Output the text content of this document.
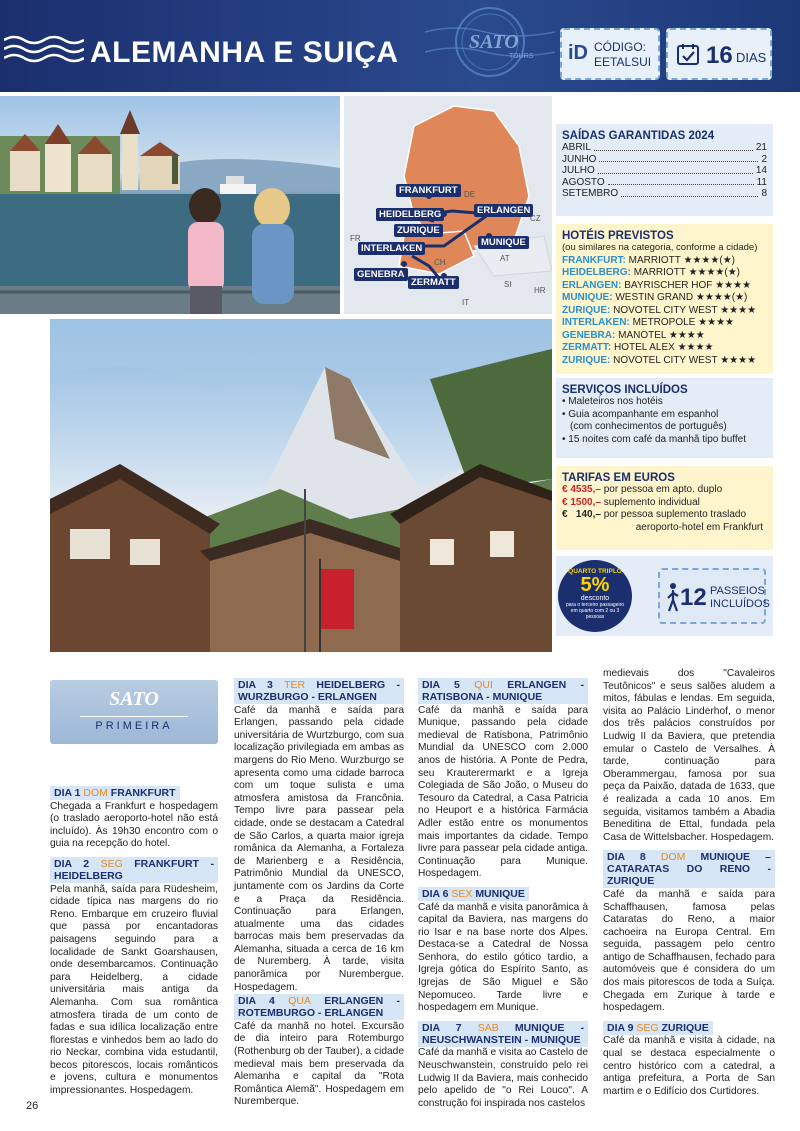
ALEMANHA E SUIÇA	SATO
TOURS iD CÓDIGO:
EETALSUI 16 DIAS
FRANKFURT
HEIDELBERG	ERLANGEN
ZURIQUE
INTERLAKEN
MUNIQUE
GENEBRA
ZERMATT
DE
FR
CH	AT
IT
SI
HR
CZ
SAÍDAS GARANTIDAS 2024
ABRIL	21
JUNHO	2
JULHO	14
AGOSTO	11
SETEMBRO	8
HOTÉIS PREVISTOS
(ou similares na categoria, conforme a cidade)
FRANKFURT: MARRIOTT ★★★★(★)
HEIDELBERG: MARRIOTT ★★★★(★)
ERLANGEN: BAYRISCHER HOF ★★★★
MUNIQUE: WESTIN GRAND ★★★★(★)
ZURIQUE: NOVOTEL CITY WEST ★★★★
INTERLAKEN: METROPOLE ★★★★
GENEBRA: MANOTEL ★★★★
ZERMATT: HOTEL ALEX ★★★★
ZURIQUE: NOVOTEL CITY WEST ★★★★
SERVIÇOS INCLUÍDOS
• Maleteiros nos hotéis
• Guia acompanhante em espanhol
(com conhecimentos de português)
• 15 noites com café da manhã tipo buffet
TARIFAS EM EUROS
€ 4535,– por pessoa em apto. duplo
€ 1500,– suplemento individual
€   140,– por pessoa suplemento traslado
aeroporto-hotel em Frankfurt
QUARTO TRIPLO
5%
desconto
para o terceiro passageiro
em quarto com 2 ou 3 pessoas
12 PASSEIOS
INCLUÍDOS
SATO
PRIMEIRA
DIA 1 DOM FRANKFURT
Chegada a Frankfurt e hospedagem (o traslado aeroporto-hotel não está incluído). Às 19h30 encontro com o guia na recepção do hotel.
DIA 2 SEG FRANKFURT - HEIDELBERG
Pela manhã, saída para Rüdesheim, cidade típica nas margens do rio Reno. Embarque em cruzeiro fluvial que passa por encantadoras paisagens seguindo para a localidade de Sankt Goarshausen, onde desembarcamos. Continuação para Heidelberg, a cidade universitária mais antiga da Alemanha. Com sua romântica atmosfera tirada de um conto de fadas e sua idílica localização entre florestas e vinhedos bem ao lado do rio Neckar, combina vida estudantil, becos pitorescos, locais românticos e jovens, cultura e monumentos impressionantes. Hospedagem.
DIA 3 TER HEIDELBERG - WURZBURGO - ERLANGEN
Café da manhã e saída para Erlangen, passando pela cidade universitária de Wurtzburgo, com sua localização privilegiada em ambas as margens do Rio Meno. Wurzburgo se apresenta como uma cidade barroca com um toque sulista e uma atmosfera amistosa da Francônia. Tempo livre para passear pela cidade, onde se destacam a Catedral de São Carlos, a quarta maior igreja românica da Alemanha, a Fortaleza de Marienberg e a Residência, Patrimônio Mundial da UNESCO, juntamente com os Jardins da Corte e a Praça da Residência. Continuação para Erlangen, atualmente uma das cidades barrocas mais bem preservadas da Alemanha, situada a cerca de 16 km de Nuremberg. À tarde, visita panorâmica por Nurembergue. Hospedagem.
DIA 4 QUA ERLANGEN - ROTEMBURGO - ERLANGEN
Café da manhã no hotel. Excursão de dia inteiro para Rotemburgo (Rothenburg ob der Tauber), a cidade medieval mais bem preservada da Alemanha e capital da "Rota Romântica Alemã". Hospedagem em Nuremberque.
DIA 5 QUI ERLANGEN - RATISBONA - MUNIQUE
Café da manhã e saída para Munique, passando pela cidade medieval de Ratisbona, Patrimônio Mundial da UNESCO com 2.000 anos de história. A Ponte de Pedra, seu Krauterermarkt e a Igreja Colegiada de São João, o Museu do Tesouro da Catedral, a Casa Patricia no Heuport e a histórica Farmácia Adler estão entre os monumentos mais importantes da cidade. Tempo livre para passear pela cidade antiga. Continuação para Munique. Hospedagem.
DIA 6 SEX MUNIQUE
Café da manhã e visita panorâmica à capital da Baviera, nas margens do rio Isar e na base norte dos Alpes. Destaca-se a Catedral de Nossa Senhora, do estilo gótico tardio, a Igreja gótica do Espírito Santo, as Igrejas de São Miguel e São Nepomuceo. Tarde livre e hospedagem em Munique.
DIA 7 SAB MUNIQUE - NEUSCHWANSTEIN - MUNIQUE
Café da manhã e visita ao Castelo de Neuschwanstein, construído pelo rei Ludwig II da Baviera, mais conhecido pelo apelido de "o Rei Louco". A construção foi inspirada nos castelos
medievais dos "Cavaleiros Teutônicos" e seus salões aludem a mitos, fábulas e lendas. Em seguida, visita ao Palácio Linderhof, o menor dos três palácios construídos por Ludwig II da Baviera, que pretendia emular o Castelo de Versalhes. À tarde, continuação para Oberammergau, famosa por sua peça da Paixão, datada de 1633, que é realizada a cada 10 anos. Em seguida, visitamos também a Abadia Beneditina de Ettal, fundada pela Casa de Wittelsbacher. Hospedagem.
DIA 8 DOM MUNIQUE – CATARATAS DO RENO - ZURIQUE
Café da manhã e saída para Schaffhausen, famosa pelas Cataratas do Reno, a maior cachoeira na Europa Central. Em seguida, passagem pelo centro antigo de Schaffhausen, fechado para automóveis que é considera do um dos mais pitorescos de toda a Suíça. Chegada em Zurique à tarde e hospedagem.
DIA 9 SEG ZURIQUE
Café da manhã e visita à cidade, na qual se destaca especialmente o centro histórico com a catedral, a antiga prefeitura, a Porta de San martim e o Edifício dos Curtidores.
26
